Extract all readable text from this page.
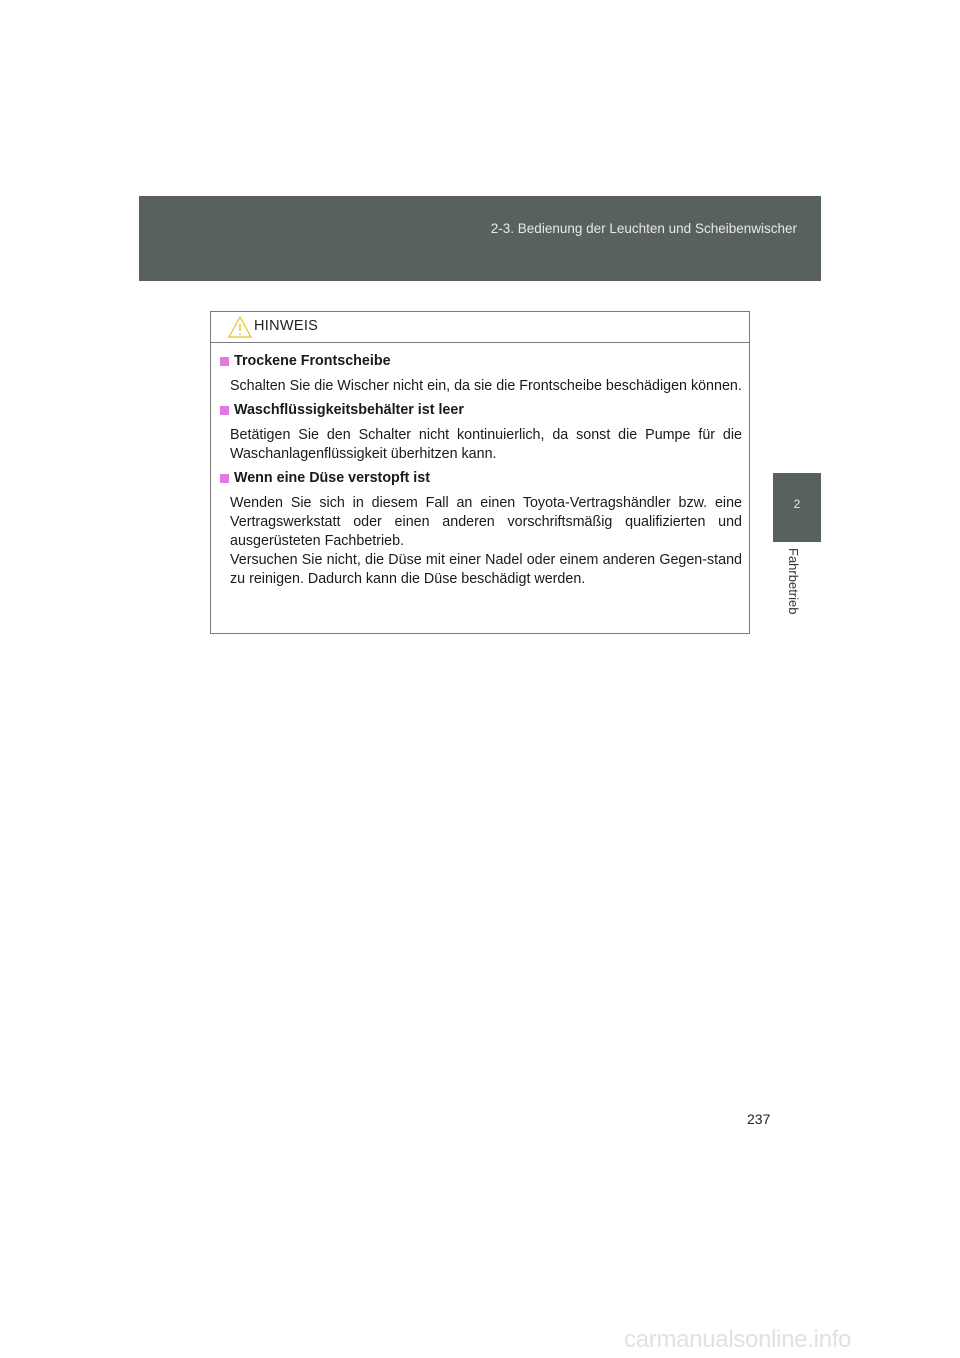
2-3. Bedienung der Leuchten und Scheibenwischer
2
Fahrbetrieb
HINWEIS
Trockene Frontscheibe

Schalten Sie die Wischer nicht ein, da sie die Frontscheibe beschädigen können.

Waschflüssigkeitsbehälter ist leer

Betätigen Sie den Schalter nicht kontinuierlich, da sonst die Pumpe für die Waschanlagenflüssigkeit überhitzen kann.

Wenn eine Düse verstopft ist

Wenden Sie sich in diesem Fall an einen Toyota-Vertragshändler bzw. eine Vertragswerkstatt oder einen anderen vorschriftsmäßig qualifizierten und ausgerüsteten Fachbetrieb.

Versuchen Sie nicht, die Düse mit einer Nadel oder einem anderen Gegen-stand zu reinigen. Dadurch kann die Düse beschädigt werden.

237
carmanualsonline.info
